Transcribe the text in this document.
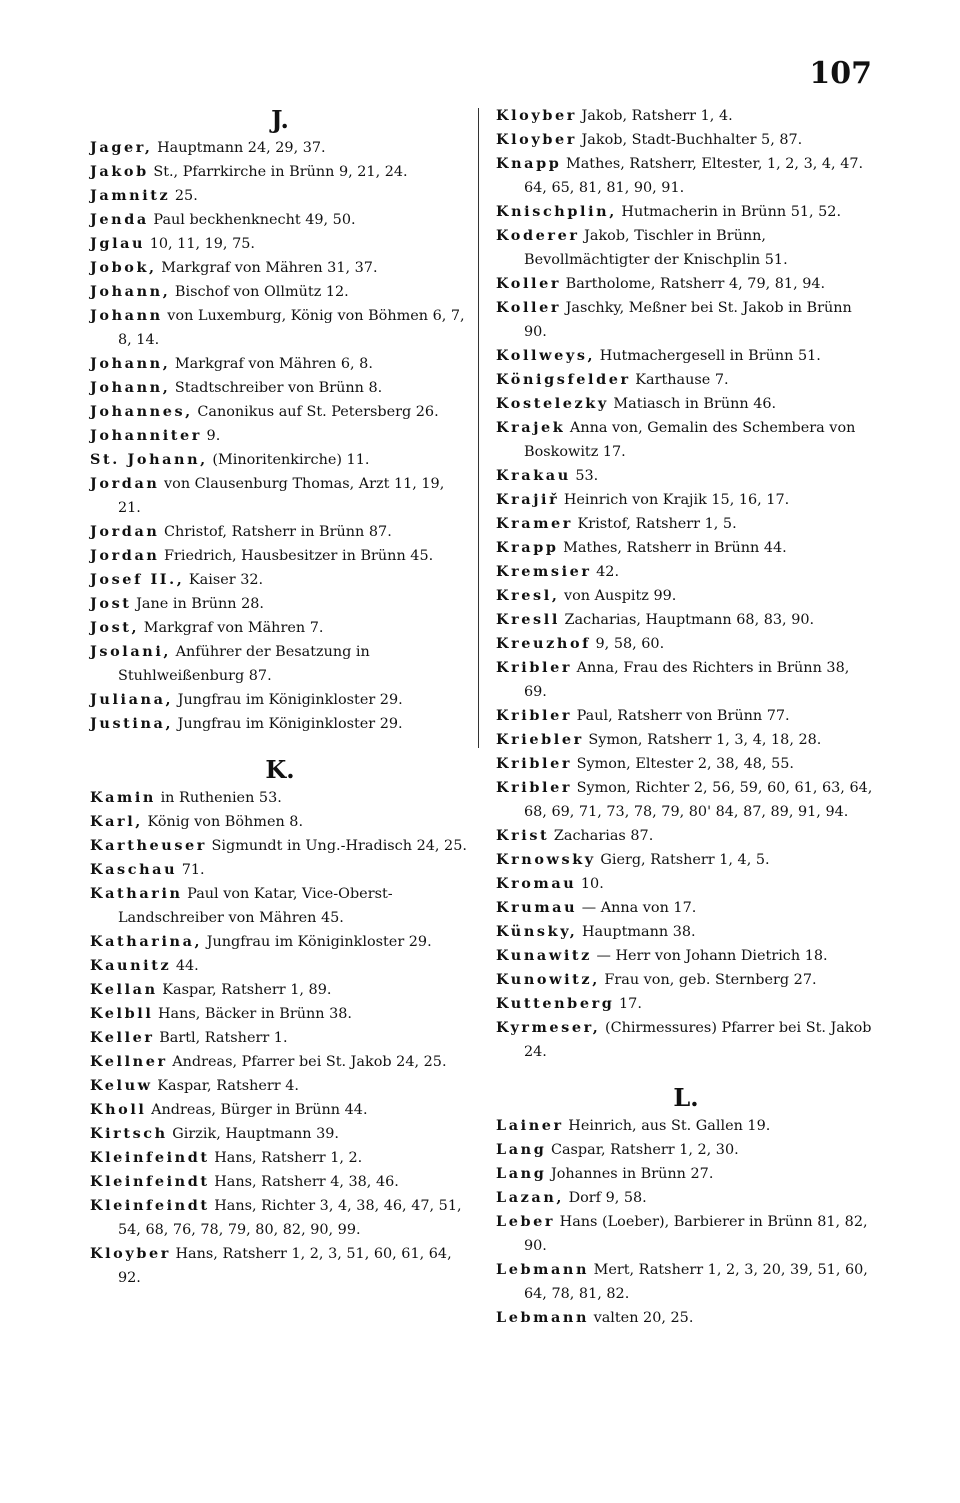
107
J.
Jager, Hauptmann 24, 29, 37.
Jakob St., Pfarrkirche in Brünn 9, 21, 24.
Jamnitz 25.
Jenda Paul beckhenknecht 49, 50.
Jglau 10, 11, 19, 75.
Jobok, Markgraf von Mähren 31, 37.
Johann, Bischof von Ollmütz 12.
Johann von Luxemburg, König von Böhmen 6, 7, 8, 14.
Johann, Markgraf von Mähren 6, 8.
Johann, Stadtschreiber von Brünn 8.
Johannes, Canonikus auf St. Petersberg 26.
Johanniter 9.
St. Johann, (Minoritenkirche) 11.
Jordan von Clausenburg Thomas, Arzt 11, 19, 21.
Jordan Christof, Ratsherr in Brünn 87.
Jordan Friedrich, Hausbesitzer in Brünn 45.
Josef II., Kaiser 32.
Jost Jane in Brünn 28.
Jost, Markgraf von Mähren 7.
Jsolani, Anführer der Besatzung in Stuhlweißenburg 87.
Juliana, Jungfrau im Königinkloster 29.
Justina, Jungfrau im Königinkloster 29.
K.
Kamin in Ruthenien 53.
Karl, König von Böhmen 8.
Kartheuser Sigmundt in Ung.-Hradisch 24, 25.
Kaschau 71.
Katharin Paul von Katar, Vice-Oberst-Landschreiber von Mähren 45.
Katharina, Jungfrau im Königinkloster 29.
Kaunitz 44.
Kellan Kaspar, Ratsherr 1, 89.
Kelbll Hans, Bäcker in Brünn 38.
Keller Bartl, Ratsherr 1.
Kellner Andreas, Pfarrer bei St. Jakob 24, 25.
Keluw Kaspar, Ratsherr 4.
Kholl Andreas, Bürger in Brünn 44.
Kirtsch Girzik, Hauptmann 39.
Kleinfeindt Hans, Ratsherr 1, 2.
Kleinfeindt Hans, Ratsherr 4, 38, 46.
Kleinfeindt Hans, Richter 3, 4, 38, 46, 47, 51, 54, 68, 76, 78, 79, 80, 82, 90, 99.
Kloyber Hans, Ratsherr 1, 2, 3, 51, 60, 61, 64, 92.
Kloyber Jakob, Ratsherr 1, 4.
Kloyber Jakob, Stadt-Buchhalter 5, 87.
Knapp Mathes, Ratsherr, Eltester, 1, 2, 3, 4, 47. 64, 65, 81, 81, 90, 91.
Knischplin, Hutmacherin in Brünn 51, 52.
Koderer Jakob, Tischler in Brünn, Bevollmächtigter der Knischplin 51.
Koller Bartholome, Ratsherr 4, 79, 81, 94.
Koller Jaschky, Meßner bei St. Jakob in Brünn 90.
Kollweys, Hutmachergesell in Brünn 51.
Königsfelder Karthause 7.
Kostelezky Matiasch in Brünn 46.
Krajek Anna von, Gemalin des Schembera von Boskowitz 17.
Krakau 53.
Krajiř Heinrich von Krajik 15, 16, 17.
Kramer Kristof, Ratsherr 1, 5.
Krapp Mathes, Ratsherr in Brünn 44.
Kremsier 42.
Kresl, von Auspitz 99.
Kresll Zacharias, Hauptmann 68, 83, 90.
Kreuzhof 9, 58, 60.
Kribler Anna, Frau des Richters in Brünn 38, 69.
Kribler Paul, Ratsherr von Brünn 77.
Kriebler Symon, Ratsherr 1, 3, 4, 18, 28.
Kribler Symon, Eltester 2, 38, 48, 55.
Kribler Symon, Richter 2, 56, 59, 60, 61, 63, 64, 68, 69, 71, 73, 78, 79, 80' 84, 87, 89, 91, 94.
Krist Zacharias 87.
Krnowsky Gierg, Ratsherr 1, 4, 5.
Kromau 10.
Krumau — Anna von 17.
Künsky, Hauptmann 38.
Kunawitz — Herr von Johann Dietrich 18.
Kunowitz, Frau von, geb. Sternberg 27.
Kuttenberg 17.
Kyrmeser, (Chirmessures) Pfarrer bei St. Jakob 24.
L.
Lainer Heinrich, aus St. Gallen 19.
Lang Caspar, Ratsherr 1, 2, 30.
Lang Johannes in Brünn 27.
Lazan, Dorf 9, 58.
Leber Hans (Loeber), Barbierer in Brünn 81, 82, 90.
Lebmann Mert, Ratsherr 1, 2, 3, 20, 39, 51, 60, 64, 78, 81, 82.
Lebmann valten 20, 25.
